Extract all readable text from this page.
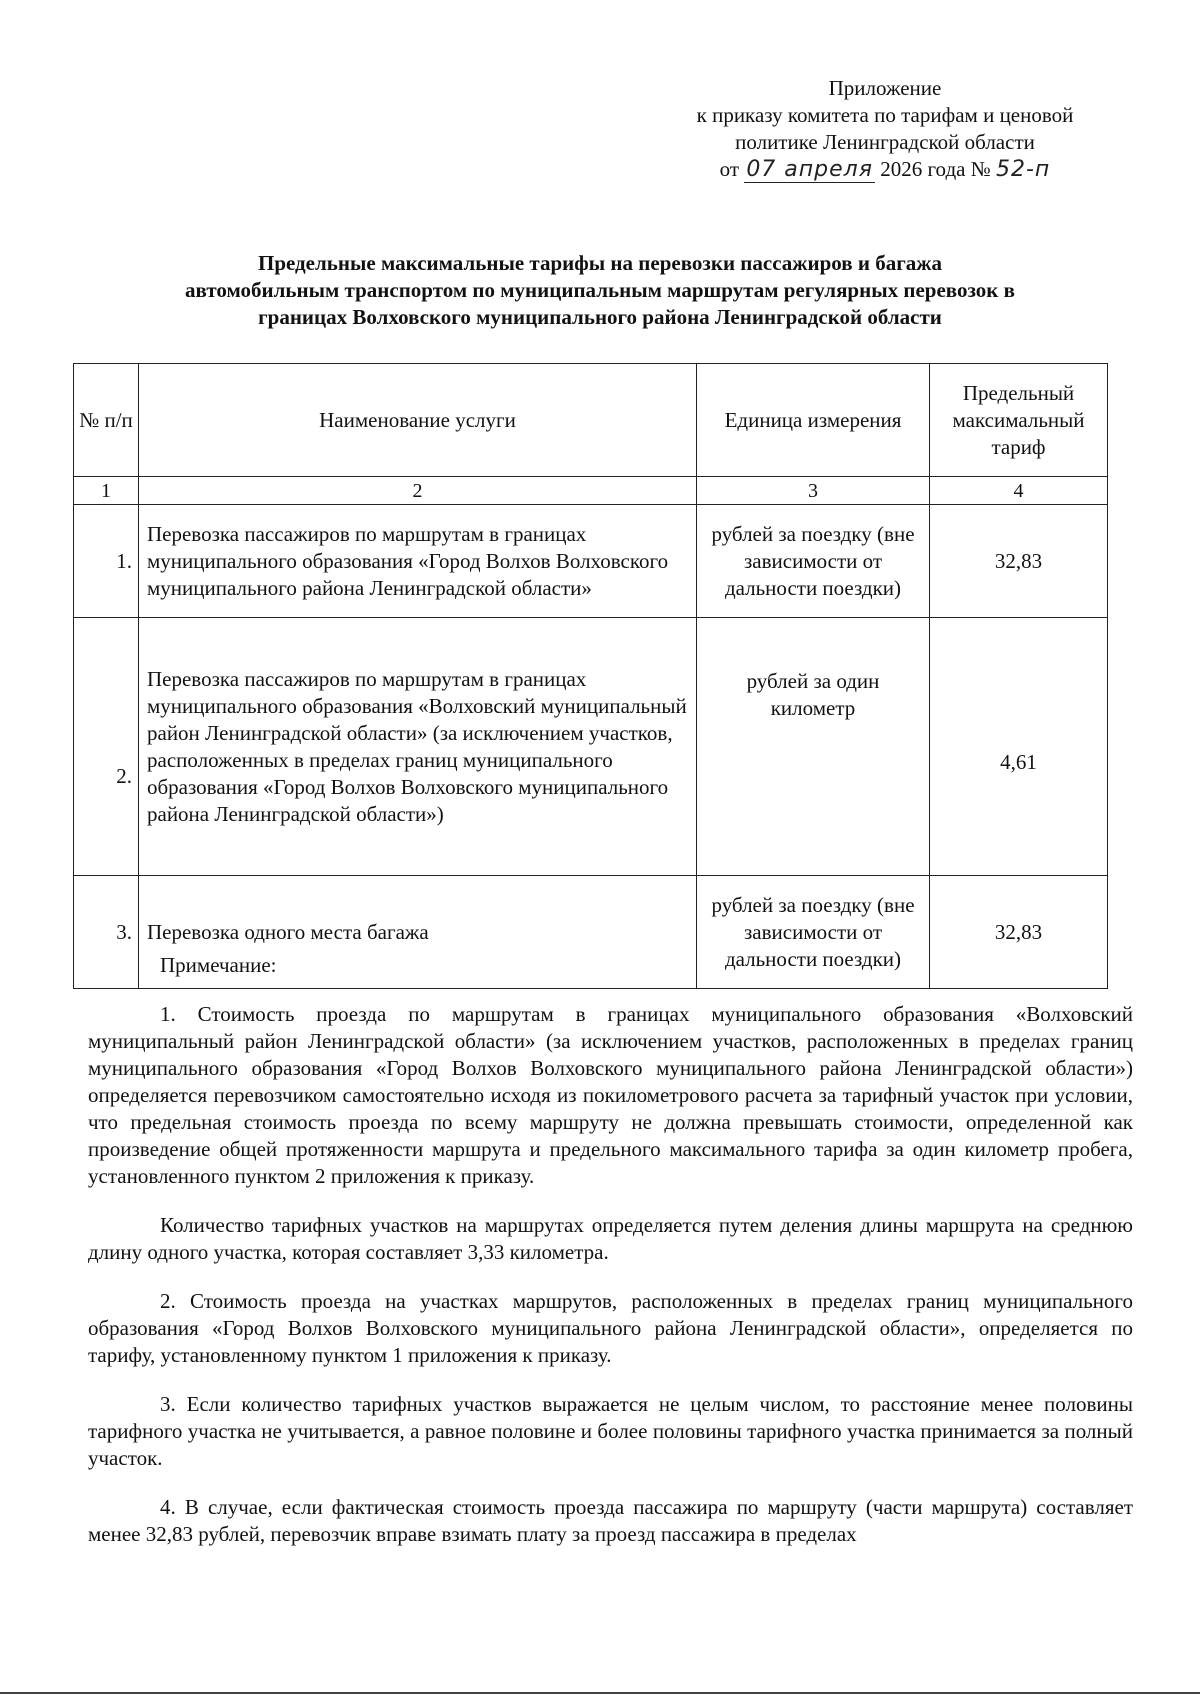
Приложение
к приказу комитета по тарифам и ценовой
политике Ленинградской области
от 07 апреля 2026 года № 52-п
Предельные максимальные тарифы на перевозки пассажиров и багажа
автомобильным транспортом по муниципальным маршрутам регулярных перевозок в
границах Волховского муниципального района Ленинградской области
№ п/п	Наименование услуги	Единица измерения	Предельный максимальный тариф
1	2	3	4
1.	Перевозка пассажиров по маршрутам в границах муниципального образования «Город Волхов Волховского муниципального района Ленинградской области»	рублей за поездку (вне зависимости от дальности поездки)	32,83
2.	Перевозка пассажиров по маршрутам в границах муниципального образования «Волховский муниципальный район Ленинградской области» (за исключением участков, расположенных в пределах границ муниципального образования «Город Волхов Волховского муниципального района Ленинградской области»)	рублей за один километр	4,61
3.	Перевозка одного места багажа	рублей за поездку (вне зависимости от дальности поездки)	32,83
Примечание:

1. Стоимость проезда по маршрутам в границах муниципального образования «Волховский муниципальный район Ленинградской области» (за исключением участков, расположенных в пределах границ муниципального образования «Город Волхов Волховского муниципального района Ленинградской области») определяется перевозчиком самостоятельно исходя из покилометрового расчета за тарифный участок при условии, что предельная стоимость проезда по всему маршруту не должна превышать стоимости, определенной как произведение общей протяженности маршрута и предельного максимального тарифа за один километр пробега, установленного пунктом 2 приложения к приказу.

Количество тарифных участков на маршрутах определяется путем деления длины маршрута на среднюю длину одного участка, которая составляет 3,33 километра.

2. Стоимость проезда на участках маршрутов, расположенных в пределах границ муниципального образования «Город Волхов Волховского муниципального района Ленинградской области», определяется по тарифу, установленному пунктом 1 приложения к приказу.

3. Если количество тарифных участков выражается не целым числом, то расстояние менее половины тарифного участка не учитывается, а равное половине и более половины тарифного участка принимается за полный участок.

4. В случае, если фактическая стоимость проезда пассажира по маршруту (части маршрута) составляет менее 32,83 рублей, перевозчик вправе взимать плату за проезд пассажира в пределах
